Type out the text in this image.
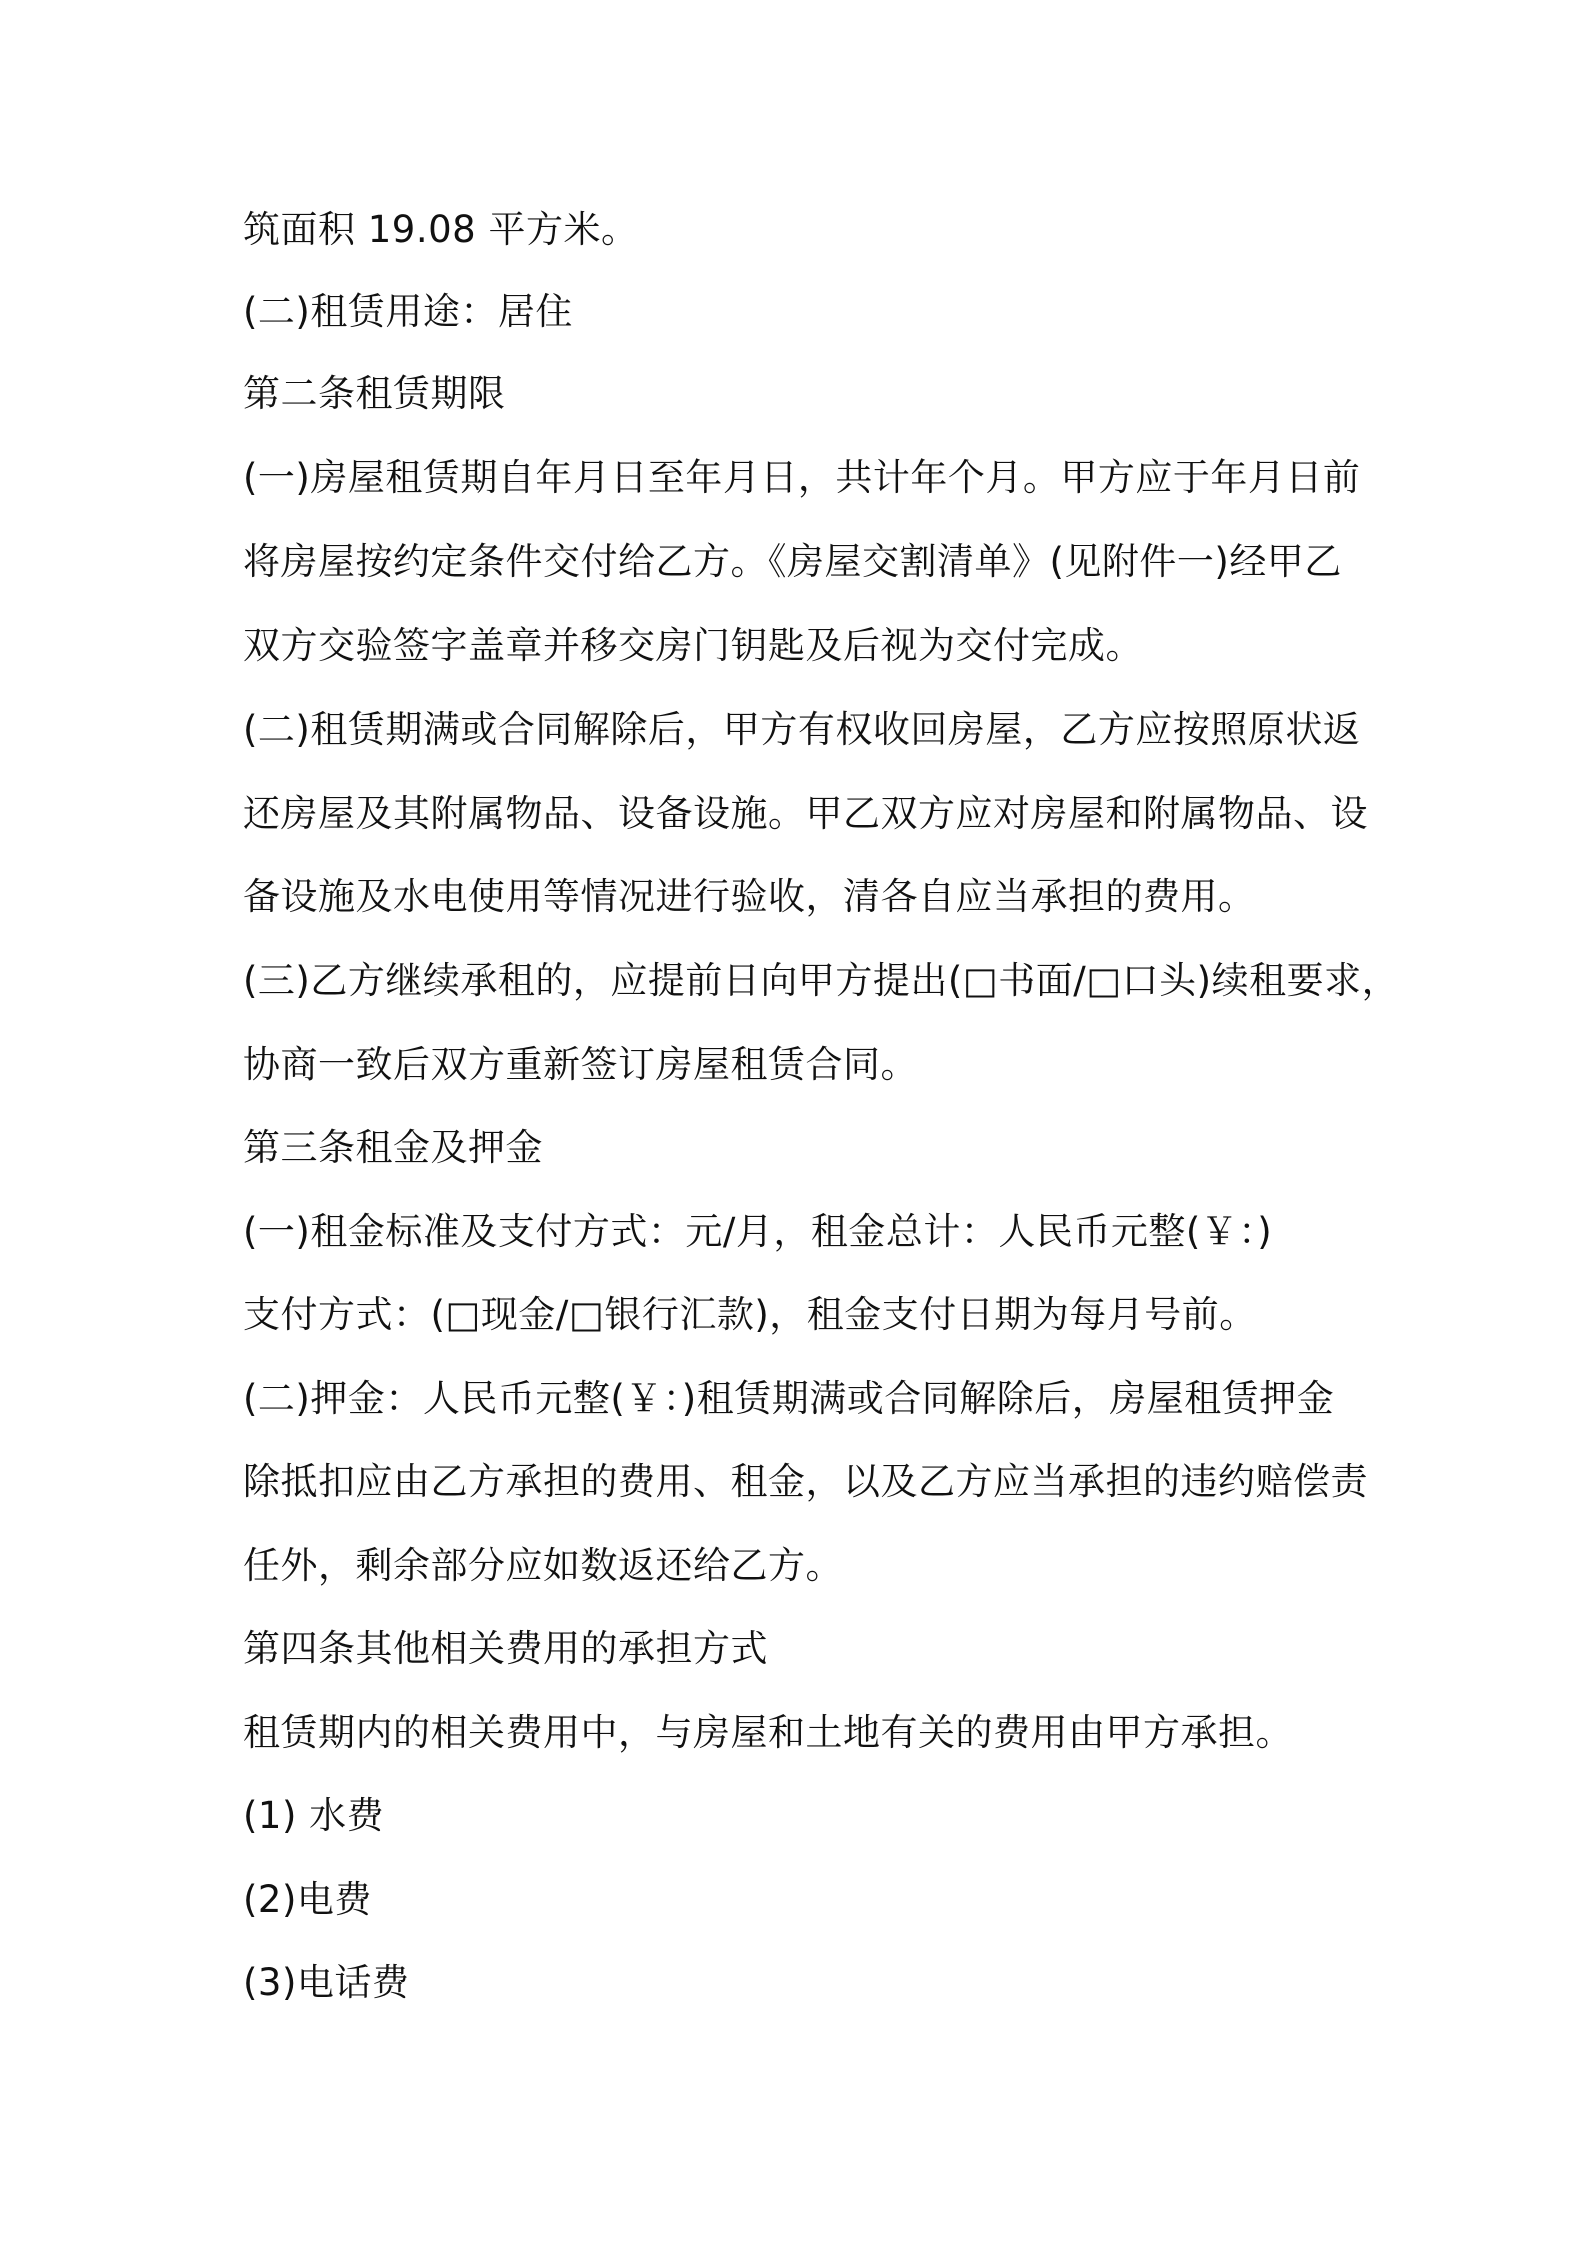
筑面积 19.08 平方米。
(二)租赁用途：居住
第二条租赁期限
(一)房屋租赁期自年月日至年月日，共计年个月。甲方应于年月日前
将房屋按约定条件交付给乙方。《房屋交割清单》(见附件一)经甲乙
双方交验签字盖章并移交房门钥匙及后视为交付完成。
(二)租赁期满或合同解除后，甲方有权收回房屋，乙方应按照原状返
还房屋及其附属物品、设备设施。甲乙双方应对房屋和附属物品、设
备设施及水电使用等情况进行验收，清各自应当承担的费用。
(三)乙方继续承租的，应提前日向甲方提出(□书面/□口头)续租要求，
协商一致后双方重新签订房屋租赁合同。
第三条租金及押金
(一)租金标准及支付方式：元/月，租金总计：人民币元整(￥：)
支付方式：(□现金/□银行汇款)，租金支付日期为每月号前。
(二)押金：人民币元整(￥：)租赁期满或合同解除后，房屋租赁押金
除抵扣应由乙方承担的费用、租金，以及乙方应当承担的违约赔偿责
任外，剩余部分应如数返还给乙方。
第四条其他相关费用的承担方式
租赁期内的相关费用中，与房屋和土地有关的费用由甲方承担。
(1) 水费
(2)电费
(3)电话费
